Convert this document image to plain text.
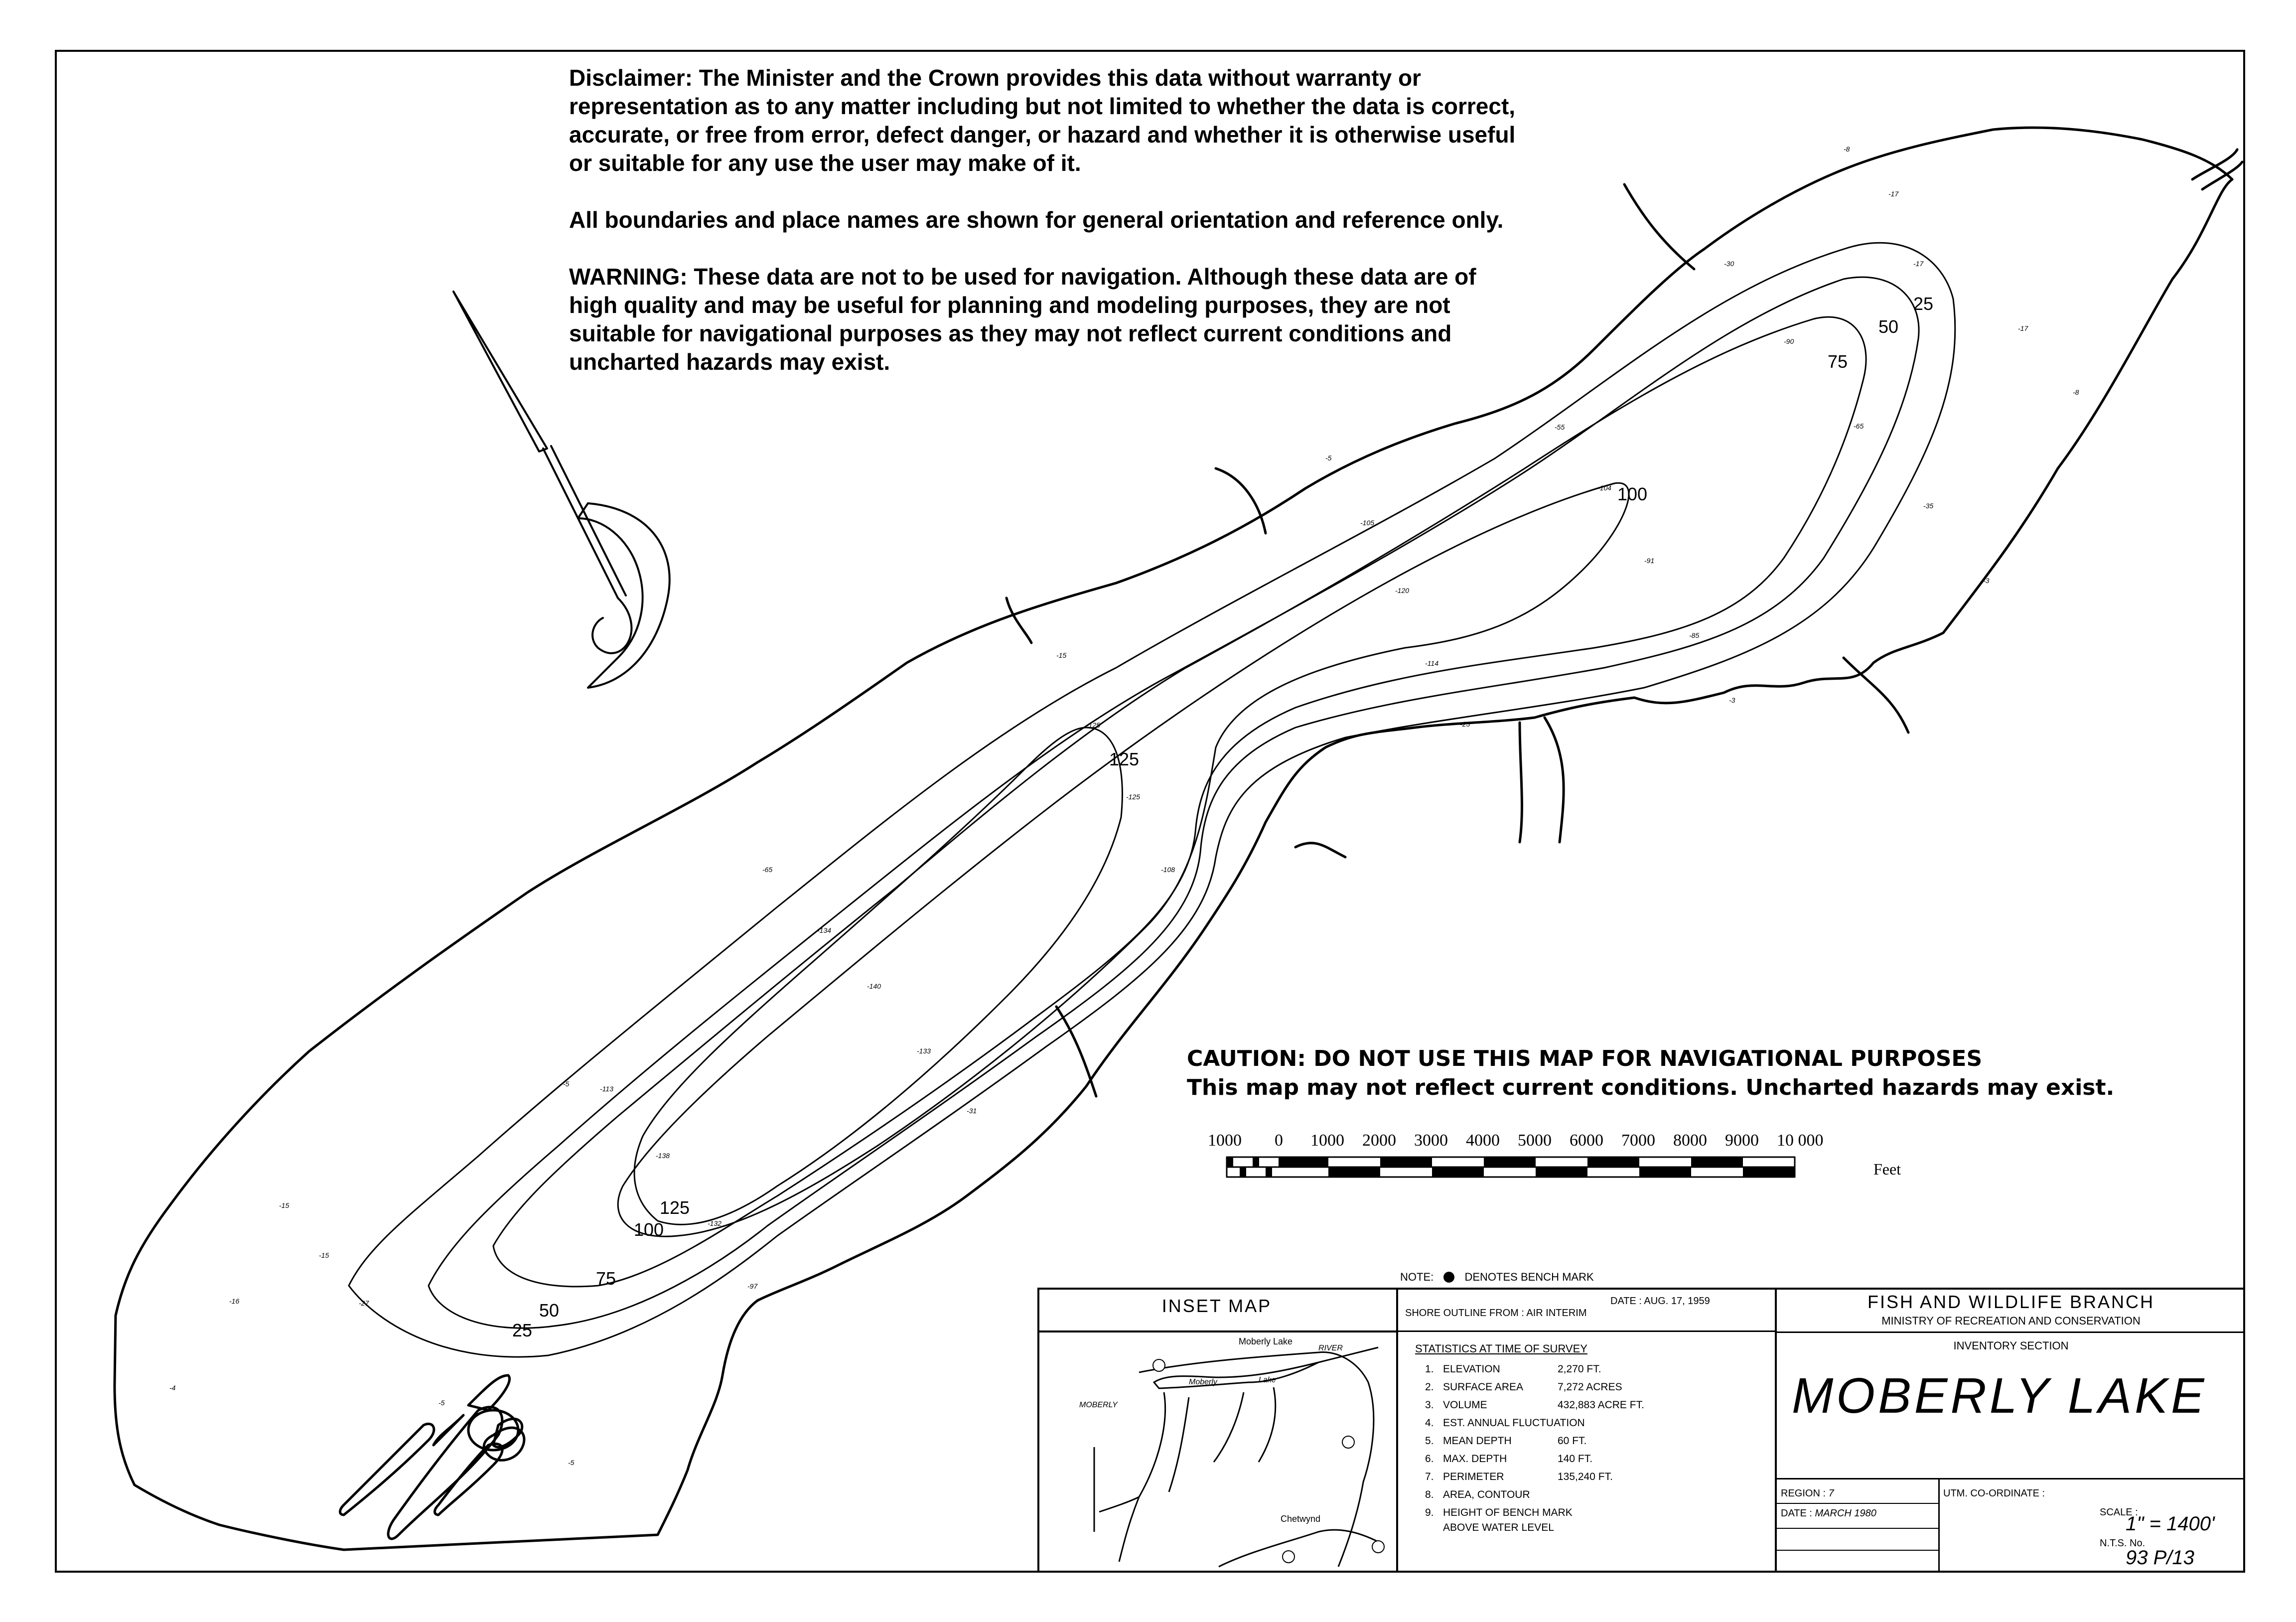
25
50
75
100
125
125
100
75
50
25
-8
-17
-17
-17
-8
-35
-65
-90
-104
-105
-120
-91
-85
-114
-30
-55
-5
-15
-125
-125
-108
-65
-134
-140
-133
-113
-138
-132
-97
-27
-5
-15
-15
-16
-4
-5
-5
-3
-3
-25
-31

Disclaimer: The Minister and the Crown provides this data without warranty or representation as to any matter including but not limited to whether the data is correct, accurate, or free from error, defect danger, or hazard and whether it is otherwise useful or suitable for any use the user may make of it.

All boundaries and place names are shown for general orientation and reference only.

WARNING: These data are not to be used for navigation. Although these data are of high quality and may be useful for planning and modeling purposes, they are not suitable for navigational purposes as they may not reflect current conditions and uncharted hazards may exist.

CAUTION: DO NOT USE THIS MAP FOR NAVIGATIONAL PURPOSES
This map may not reflect current conditions. Uncharted hazards may exist.
1000 0 1000 2000 3000 4000 5000 6000 7000 8000 9000 10 000
Feet
NOTE:	DENOTES BENCH MARK
INSET MAP
Moberly Lake
Moberly	Lake
RIVER
MOBERLY
Chetwynd
DATE : AUG. 17, 1959
SHORE OUTLINE FROM : AIR INTERIM
STATISTICS AT TIME OF SURVEY
1. ELEVATION	2,270 FT.
2. SURFACE AREA	7,272 ACRES
3. VOLUME	432,883 ACRE FT.
4. EST. ANNUAL FLUCTUATION
5. MEAN DEPTH	60 FT.
6. MAX. DEPTH	140 FT.
7. PERIMETER	135,240 FT.
8. AREA, CONTOUR
9. HEIGHT OF BENCH MARK
ABOVE WATER LEVEL
FISH AND WILDLIFE BRANCH
MINISTRY OF RECREATION AND CONSERVATION
INVENTORY SECTION
MOBERLY LAKE
REGION : 7
DATE : MARCH 1980
UTM. CO-ORDINATE :
SCALE :
1" = 1400'
N.T.S. No.
93 P/13
